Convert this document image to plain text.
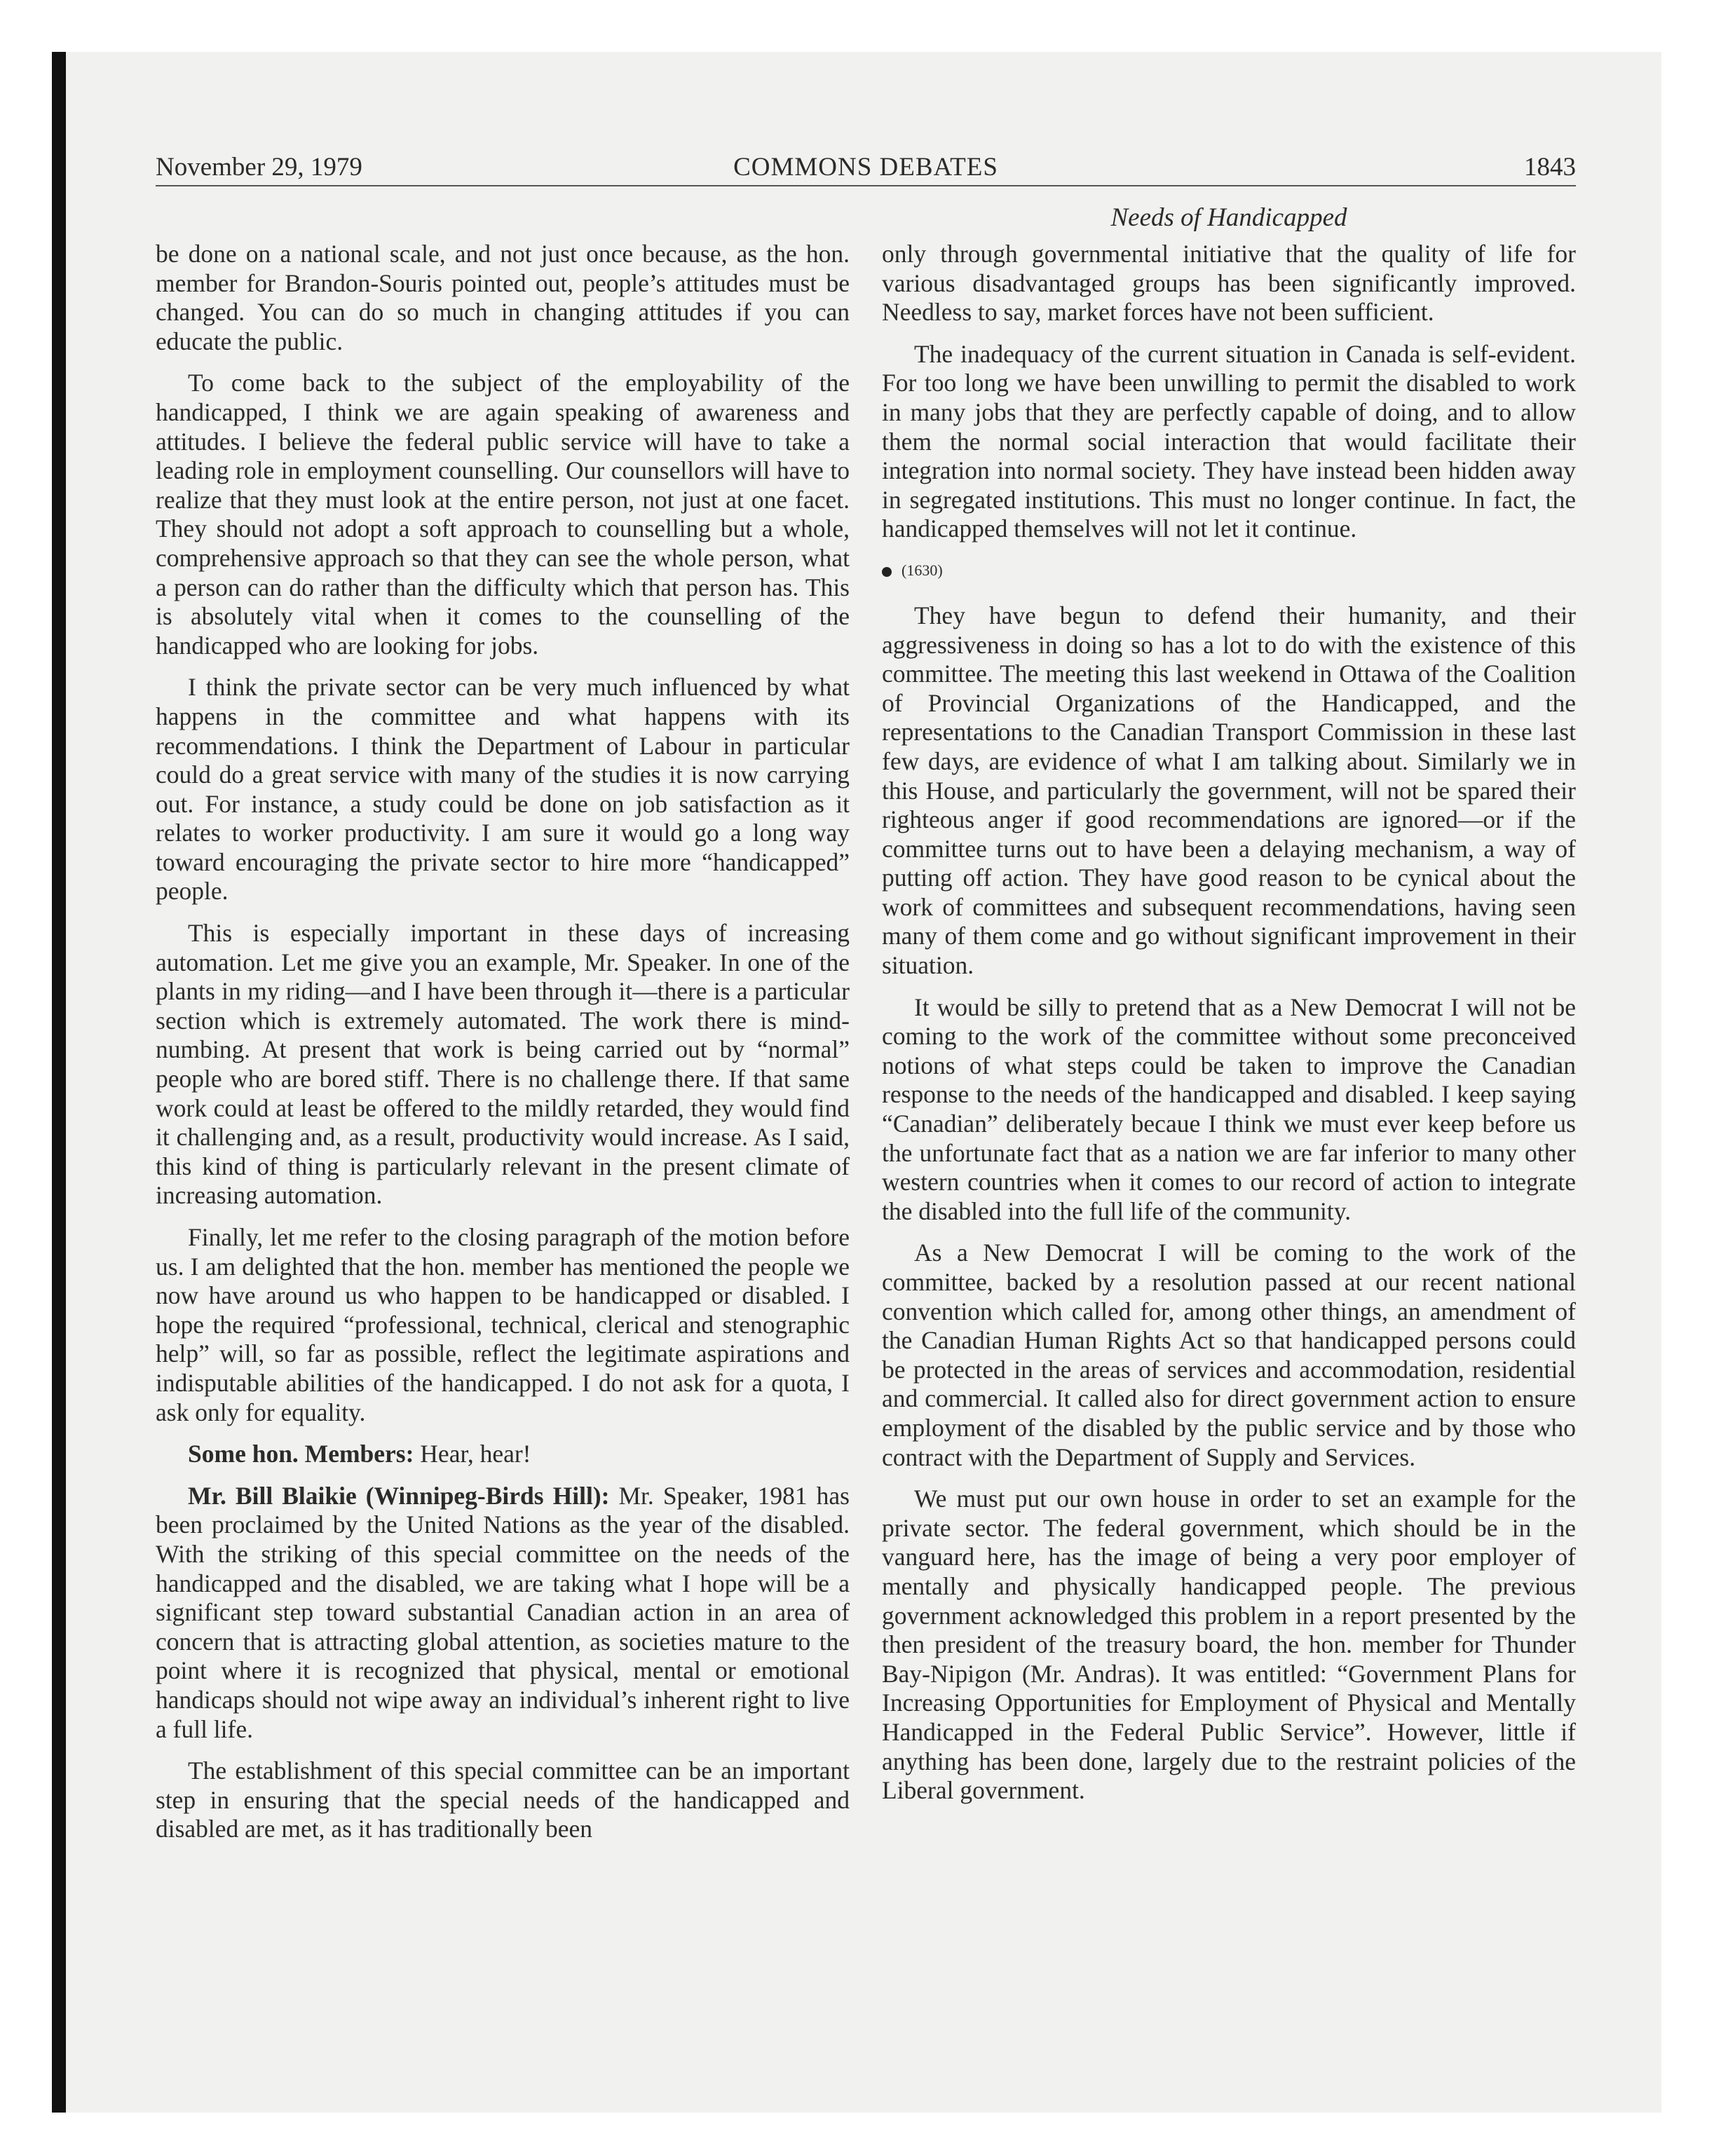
November 29, 1979	COMMONS DEBATES	1843
Needs of Handicapped

be done on a national scale, and not just once because, as the hon. member for Brandon-Souris pointed out, people’s attitudes must be changed. You can do so much in changing attitudes if you can educate the public.

To come back to the subject of the employability of the handicapped, I think we are again speaking of awareness and attitudes. I believe the federal public service will have to take a leading role in employment counselling. Our counsellors will have to realize that they must look at the entire person, not just at one facet. They should not adopt a soft approach to counselling but a whole, comprehensive approach so that they can see the whole person, what a person can do rather than the difficulty which that person has. This is absolutely vital when it comes to the counselling of the handicapped who are looking for jobs.

I think the private sector can be very much influenced by what happens in the committee and what happens with its recommendations. I think the Department of Labour in particular could do a great service with many of the studies it is now carrying out. For instance, a study could be done on job satisfaction as it relates to worker productivity. I am sure it would go a long way toward encouraging the private sector to hire more “handicapped” people.

This is especially important in these days of increasing automation. Let me give you an example, Mr. Speaker. In one of the plants in my riding—and I have been through it—there is a particular section which is extremely automated. The work there is mind-numbing. At present that work is being carried out by “normal” people who are bored stiff. There is no challenge there. If that same work could at least be offered to the mildly retarded, they would find it challenging and, as a result, productivity would increase. As I said, this kind of thing is particularly relevant in the present climate of increasing automation.

Finally, let me refer to the closing paragraph of the motion before us. I am delighted that the hon. member has mentioned the people we now have around us who happen to be handicapped or disabled. I hope the required “professional, technical, clerical and stenographic help” will, so far as possible, reflect the legitimate aspirations and indisputable abilities of the handicapped. I do not ask for a quota, I ask only for equality.

Some hon. Members: Hear, hear!

Mr. Bill Blaikie (Winnipeg-Birds Hill): Mr. Speaker, 1981 has been proclaimed by the United Nations as the year of the disabled. With the striking of this special committee on the needs of the handicapped and the disabled, we are taking what I hope will be a significant step toward substantial Canadian action in an area of concern that is attracting global attention, as societies mature to the point where it is recognized that physical, mental or emotional handicaps should not wipe away an individual’s inherent right to live a full life.

The establishment of this special committee can be an important step in ensuring that the special needs of the handicapped and disabled are met, as it has traditionally been

only through governmental initiative that the quality of life for various disadvantaged groups has been significantly improved. Needless to say, market forces have not been sufficient.

The inadequacy of the current situation in Canada is self-evident. For too long we have been unwilling to permit the disabled to work in many jobs that they are perfectly capable of doing, and to allow them the normal social interaction that would facilitate their integration into normal society. They have instead been hidden away in segregated institutions. This must no longer continue. In fact, the handicapped themselves will not let it continue.

(1630)

They have begun to defend their humanity, and their aggressiveness in doing so has a lot to do with the existence of this committee. The meeting this last weekend in Ottawa of the Coalition of Provincial Organizations of the Handicapped, and the representations to the Canadian Transport Commission in these last few days, are evidence of what I am talking about. Similarly we in this House, and particularly the government, will not be spared their righteous anger if good recommendations are ignored—or if the committee turns out to have been a delaying mechanism, a way of putting off action. They have good reason to be cynical about the work of committees and subsequent recommendations, having seen many of them come and go without significant improvement in their situation.

It would be silly to pretend that as a New Democrat I will not be coming to the work of the committee without some preconceived notions of what steps could be taken to improve the Canadian response to the needs of the handicapped and disabled. I keep saying “Canadian” deliberately becaue I think we must ever keep before us the unfortunate fact that as a nation we are far inferior to many other western countries when it comes to our record of action to integrate the disabled into the full life of the community.

As a New Democrat I will be coming to the work of the committee, backed by a resolution passed at our recent national convention which called for, among other things, an amendment of the Canadian Human Rights Act so that handicapped persons could be protected in the areas of services and accommodation, residential and commercial. It called also for direct government action to ensure employment of the disabled by the public service and by those who contract with the Department of Supply and Services.

We must put our own house in order to set an example for the private sector. The federal government, which should be in the vanguard here, has the image of being a very poor employer of mentally and physically handicapped people. The previous government acknowledged this problem in a report presented by the then president of the treasury board, the hon. member for Thunder Bay-Nipigon (Mr. Andras). It was entitled: “Government Plans for Increasing Opportunities for Employment of Physical and Mentally Handicapped in the Federal Public Service”. However, little if anything has been done, largely due to the restraint policies of the Liberal government.
